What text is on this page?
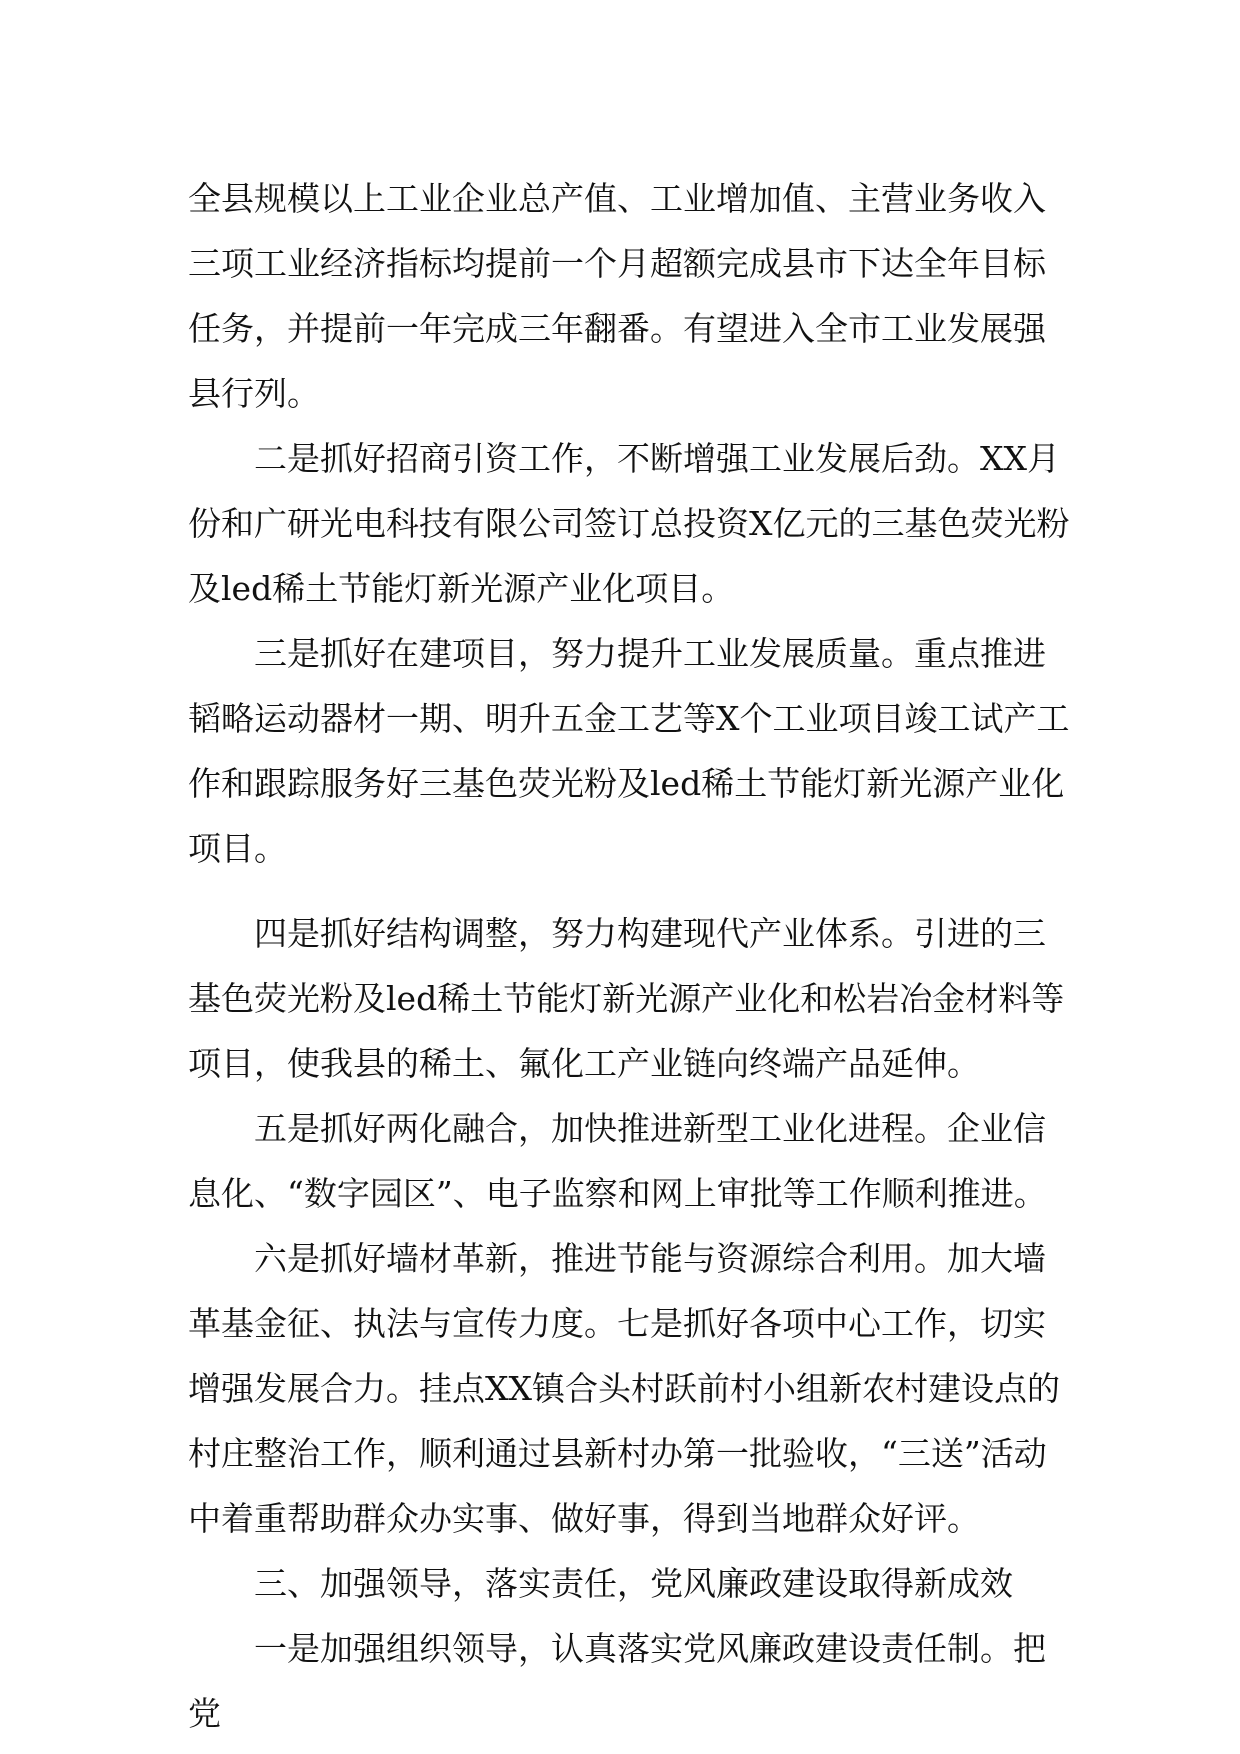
全县规模以上工业企业总产值、工业增加值、主营业务收入三项工业经济指标均提前一个月超额完成县市下达全年目标任务，并提前一年完成三年翻番。有望进入全市工业发展强县行列。

二是抓好招商引资工作，不断增强工业发展后劲。XX月份和广研光电科技有限公司签订总投资X亿元的三基色荧光粉及led稀土节能灯新光源产业化项目。

三是抓好在建项目，努力提升工业发展质量。重点推进韬略运动器材一期、明升五金工艺等X个工业项目竣工试产工作和跟踪服务好三基色荧光粉及led稀土节能灯新光源产业化项目。

四是抓好结构调整，努力构建现代产业体系。引进的三基色荧光粉及led稀土节能灯新光源产业化和松岩冶金材料等项目，使我县的稀土、氟化工产业链向终端产品延伸。

五是抓好两化融合，加快推进新型工业化进程。企业信息化、“数字园区”、电子监察和网上审批等工作顺利推进。

六是抓好墙材革新，推进节能与资源综合利用。加大墙革基金征、执法与宣传力度。七是抓好各项中心工作，切实增强发展合力。挂点XX镇合头村跃前村小组新农村建设点的村庄整治工作，顺利通过县新村办第一批验收，“三送”活动中着重帮助群众办实事、做好事，得到当地群众好评。

三、加强领导，落实责任，党风廉政建设取得新成效

一是加强组织领导，认真落实党风廉政建设责任制。把党
